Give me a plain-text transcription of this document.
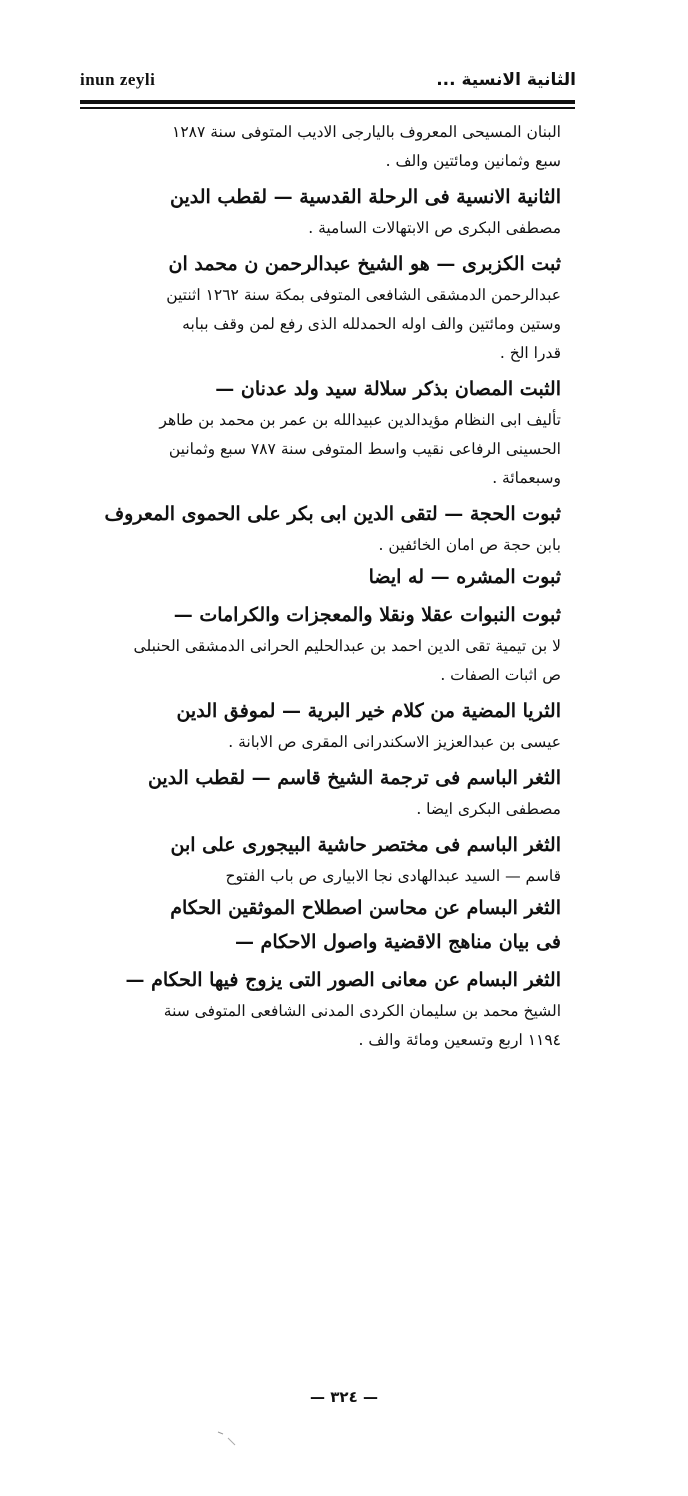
inun zeyli	الثانية الانسية ...

البنان المسيحى المعروف باليارجى الاديب المتوفى سنة ١٢٨٧

سبع وثمانين ومائتين والف .

الثانية الانسية فى الرحلة القدسية — لقطب الدين

مصطفى البكرى ص الابتهالات السامية .

ثبت الكزبرى — هو الشيخ عبدالرحمن ن محمد ان

عبدالرحمن الدمشقى الشافعى المتوفى بمكة سنة ١٢٦٢ اثنتين

وستين ومائتين والف اوله الحمدلله الذى رفع لمن وقف ببابه

قدرا الخ .

الثبت المصان بذكر سلالة سيد ولد عدنان —

تأليف ابى النظام مؤيدالدين عبيدالله بن عمر بن محمد بن طاهر

الحسينى الرفاعى نقيب واسط المتوفى سنة ٧٨٧ سبع وثمانين

وسبعمائة .

ثبوت الحجة — لتقى الدين ابى بكر على الحموى المعروف

بابن حجة ص امان الخائفين .

ثبوت المشره — له ايضا

ثبوت النبوات عقلا ونقلا والمعجزات والكرامات —

لا بن تيمية تقى الدين احمد بن عبدالحليم الحرانى الدمشقى الحنبلى

ص اثبات الصفات .

الثريا المضية من كلام خير البرية — لموفق الدين

عيسى بن عبدالعزيز الاسكندرانى المقرى ص الابانة .

الثغر الباسم فى ترجمة الشيخ قاسم — لقطب الدين

مصطفى البكرى ايضا .

الثغر الباسم فى مختصر حاشية البيجورى على ابن

قاسم — السيد عبدالهادى نجا الابيارى ص باب الفتوح

الثغر البسام عن محاسن اصطلاح الموثقين الحكام

فى بيان مناهج الاقضية واصول الاحكام —

الثغر البسام عن معانى الصور التى يزوج فيها الحكام —

الشيخ محمد بن سليمان الكردى المدنى الشافعى المتوفى سنة

١١٩٤ اربع وتسعين ومائة والف .

— ٣٢٤ —
